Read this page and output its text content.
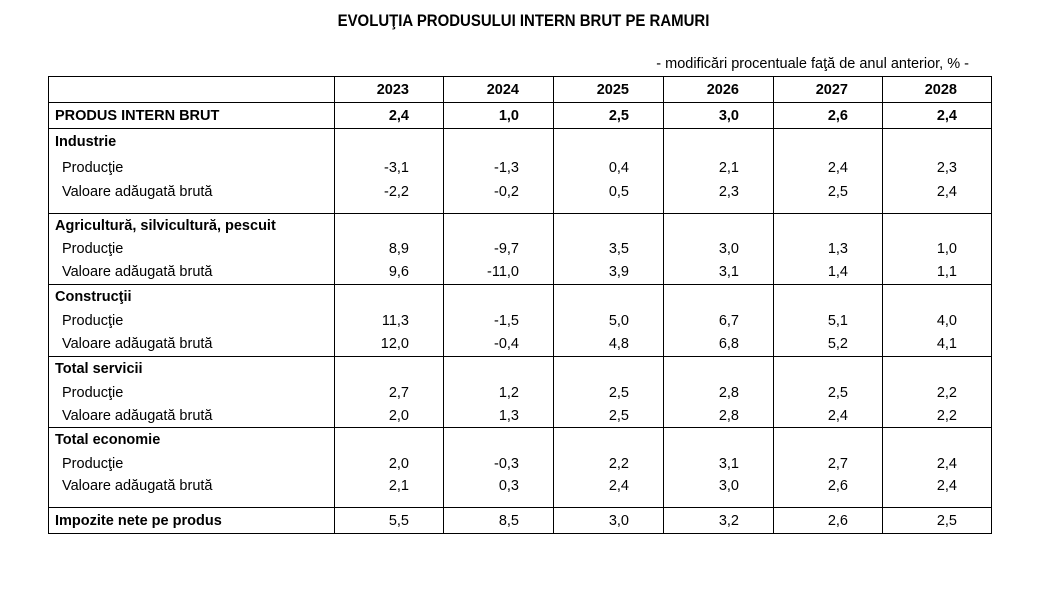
EVOLUŢIA PRODUSULUI INTERN BRUT PE RAMURI
- modificări procentuale faţă de anul anterior, % -
	2023	2024	2025	2026	2027	2028
PRODUS INTERN BRUT	2,4	1,0	2,5	3,0	2,6	2,4
Industrie						
Producţie	-3,1	-1,3	0,4	2,1	2,4	2,3
Valoare adăugată brută	-2,2	-0,2	0,5	2,3	2,5	2,4

Agricultură, silvicultură, pescuit						
Producţie	8,9	-9,7	3,5	3,0	1,3	1,0
Valoare adăugată brută	9,6	-11,0	3,9	3,1	1,4	1,1
Construcţii						
Producţie	11,3	-1,5	5,0	6,7	5,1	4,0
Valoare adăugată brută	12,0	-0,4	4,8	6,8	5,2	4,1
Total servicii						
Producţie	2,7	1,2	2,5	2,8	2,5	2,2
Valoare adăugată brută	2,0	1,3	2,5	2,8	2,4	2,2
Total economie						
Producţie	2,0	-0,3	2,2	3,1	2,7	2,4
Valoare adăugată brută	2,1	0,3	2,4	3,0	2,6	2,4

Impozite nete pe produs	5,5	8,5	3,0	3,2	2,6	2,5
